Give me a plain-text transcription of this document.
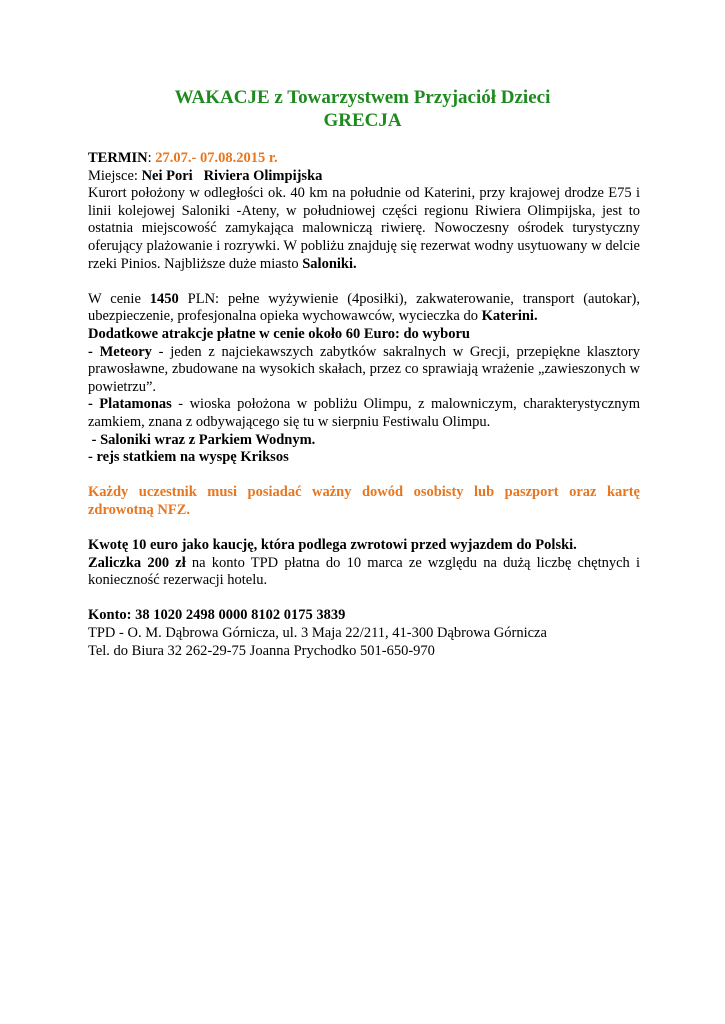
WAKACJE z Towarzystwem Przyjaciół Dzieci
GRECJA

TERMIN: 27.07.- 07.08.2015 r.

Miejsce: Nei Pori   Riviera Olimpijska

Kurort położony w odległości ok. 40 km na południe od Katerini, przy krajowej drodze E75 i linii kolejowej Saloniki -Ateny, w południowej części regionu Riwiera Olimpijska, jest to ostatnia miejscowość zamykająca malowniczą riwierę. Nowoczesny ośrodek turystyczny oferujący plażowanie i rozrywki. W pobliżu znajduję się rezerwat wodny usytuowany w delcie rzeki Pinios. Najbliższe duże miasto Saloniki.

W cenie 1450 PLN: pełne wyżywienie (4posiłki), zakwaterowanie, transport (autokar), ubezpieczenie, profesjonalna opieka wychowawców, wycieczka do Katerini.

Dodatkowe atrakcje płatne w cenie około 60 Euro: do wyboru

- Meteory - jeden z najciekawszych zabytków sakralnych w Grecji, przepiękne klasztory prawosławne, zbudowane na wysokich skałach, przez co sprawiają wrażenie „zawieszonych w powietrzu”.

- Platamonas - wioska położona w pobliżu Olimpu, z malowniczym, charakterystycznym zamkiem, znana z odbywającego się tu w sierpniu Festiwalu Olimpu.

- Saloniki wraz z Parkiem Wodnym.

- rejs statkiem na wyspę Kriksos

Każdy uczestnik musi posiadać ważny dowód osobisty lub paszport oraz kartę zdrowotną NFZ.

Kwotę 10 euro jako kaucję, która podlega zwrotowi przed wyjazdem do Polski.

Zaliczka 200 zł na konto TPD płatna do 10 marca ze względu na dużą liczbę chętnych i konieczność rezerwacji hotelu.

Konto: 38 1020 2498 0000 8102 0175 3839

TPD - O. M. Dąbrowa Górnicza, ul. 3 Maja 22/211, 41-300 Dąbrowa Górnicza

Tel. do Biura 32 262-29-75 Joanna Prychodko 501-650-970
